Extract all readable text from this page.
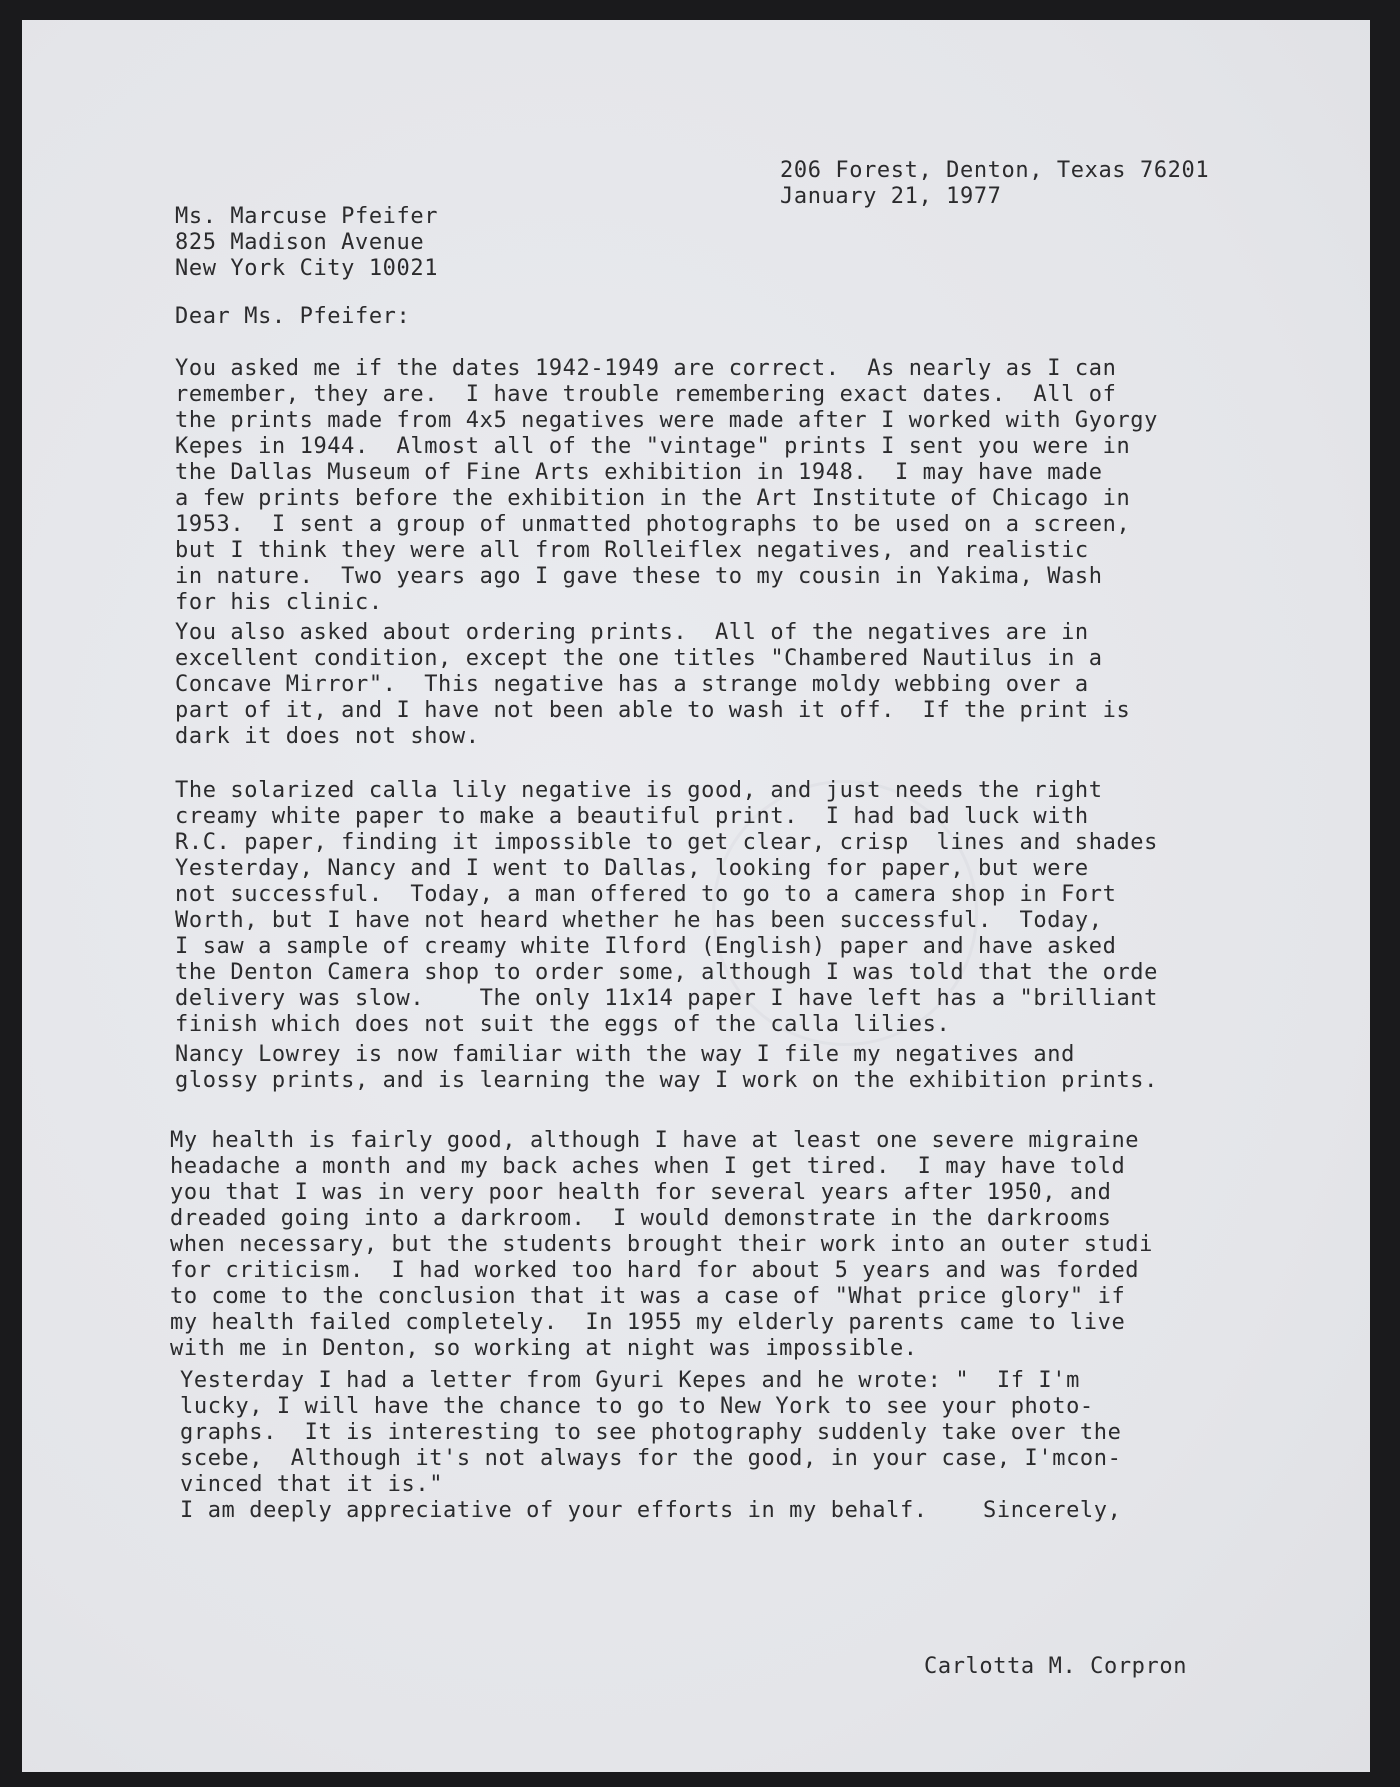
206 Forest, Denton, Texas 76201
January 21, 1977
Ms. Marcuse Pfeifer
825 Madison Avenue
New York City 10021
Dear Ms. Pfeifer:
You asked me if the dates 1942-1949 are correct.  As nearly as I can
remember, they are.  I have trouble remembering exact dates.  All of
the prints made from 4x5 negatives were made after I worked with Gyorgy
Kepes in 1944.  Almost all of the "vintage" prints I sent you were in
the Dallas Museum of Fine Arts exhibition in 1948.  I may have made
a few prints before the exhibition in the Art Institute of Chicago in
1953.  I sent a group of unmatted photographs to be used on a screen,
but I think they were all from Rolleiflex negatives, and realistic
in nature.  Two years ago I gave these to my cousin in Yakima, Wash
for his clinic.
You also asked about ordering prints.  All of the negatives are in
excellent condition, except the one titles "Chambered Nautilus in a
Concave Mirror".  This negative has a strange moldy webbing over a
part of it, and I have not been able to wash it off.  If the print is
dark it does not show.
The solarized calla lily negative is good, and just needs the right
creamy white paper to make a beautiful print.  I had bad luck with
R.C. paper, finding it impossible to get clear, crisp  lines and shades
Yesterday, Nancy and I went to Dallas, looking for paper, but were
not successful.  Today, a man offered to go to a camera shop in Fort
Worth, but I have not heard whether he has been successful.  Today,
I saw a sample of creamy white Ilford (English) paper and have asked
the Denton Camera shop to order some, although I was told that the orde
delivery was slow.    The only 11x14 paper I have left has a "brilliant
finish which does not suit the eggs of the calla lilies.
Nancy Lowrey is now familiar with the way I file my negatives and
glossy prints, and is learning the way I work on the exhibition prints.
My health is fairly good, although I have at least one severe migraine
headache a month and my back aches when I get tired.  I may have told
you that I was in very poor health for several years after 1950, and
dreaded going into a darkroom.  I would demonstrate in the darkrooms
when necessary, but the students brought their work into an outer studi
for criticism.  I had worked too hard for about 5 years and was forded
to come to the conclusion that it was a case of "What price glory" if
my health failed completely.  In 1955 my elderly parents came to live
with me in Denton, so working at night was impossible.
Yesterday I had a letter from Gyuri Kepes and he wrote: "  If I'm
lucky, I will have the chance to go to New York to see your photo-
graphs.  It is interesting to see photography suddenly take over the
scebe,  Although it's not always for the good, in your case, I'mcon-
vinced that it is."
I am deeply appreciative of your efforts in my behalf.    Sincerely,
Carlotta M. Corpron
